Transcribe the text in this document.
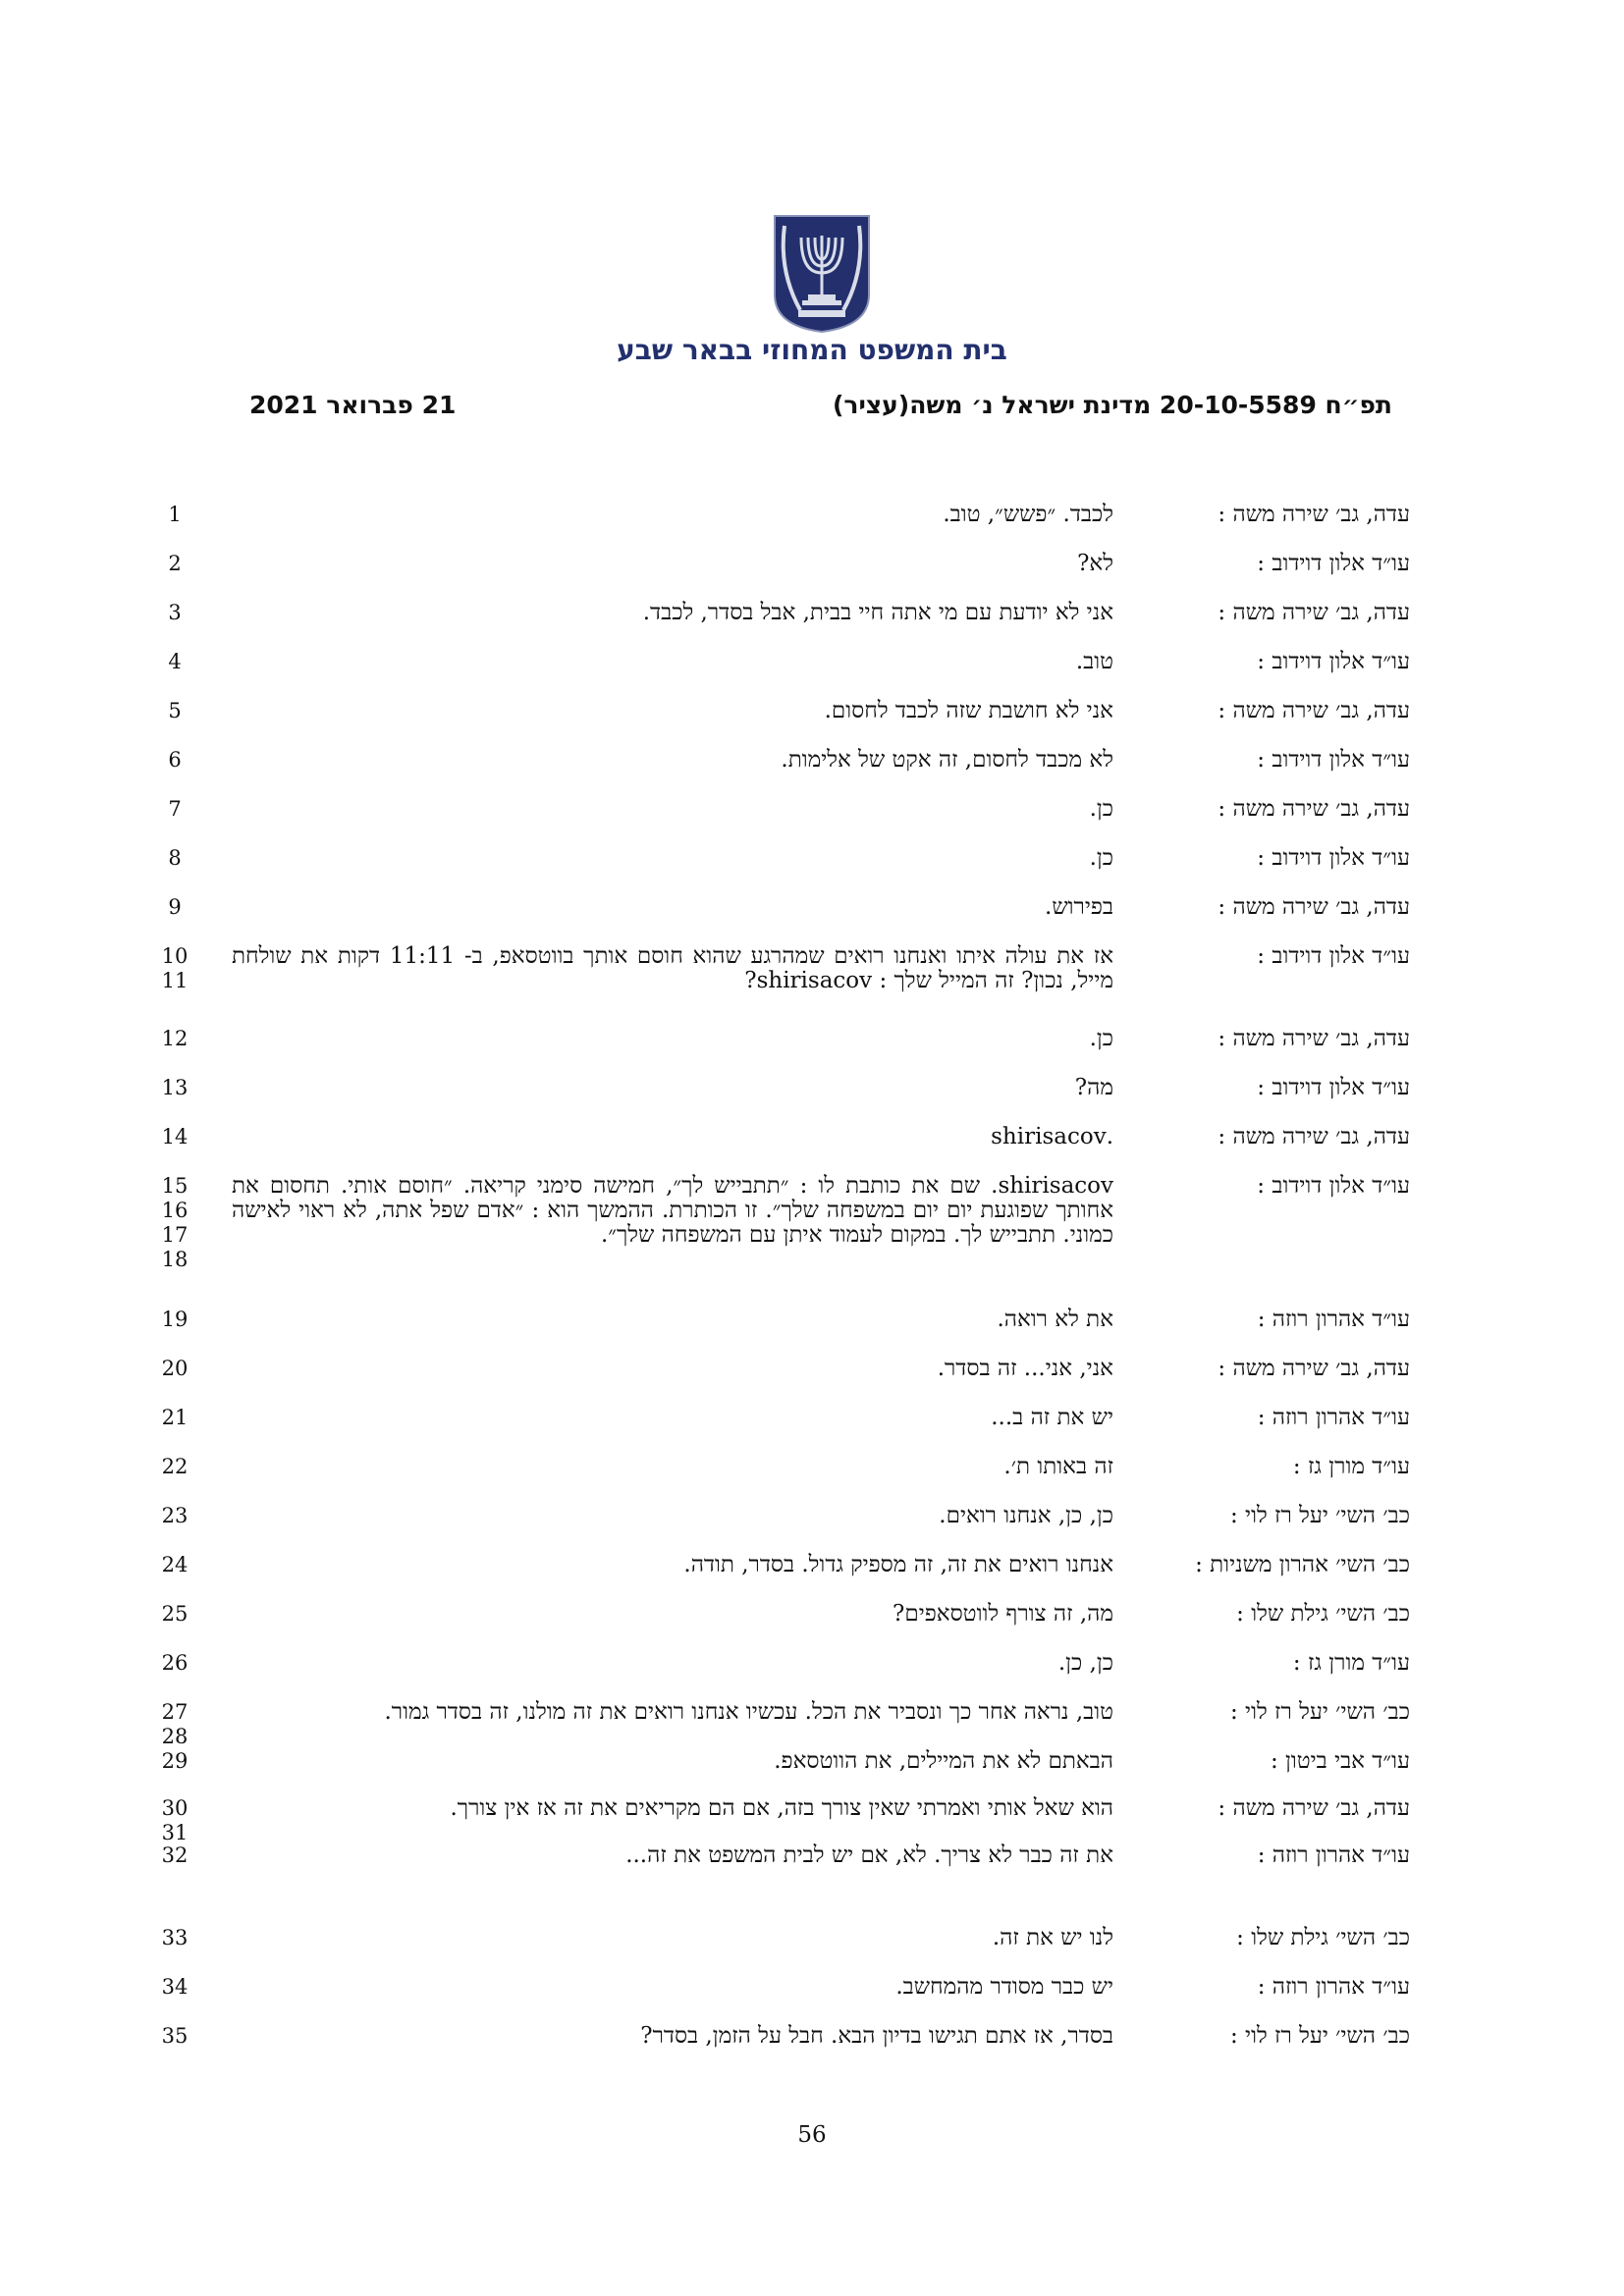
בית המשפט המחוזי בבאר שבע
תפ״ח 20-10-5589 מדינת ישראל נ׳ משה(עציר)
21 פברואר 2021
עדה, גב׳ שירה משה :
לכבד. ״פשש״, טוב.
1
עו״ד אלון דוידוב :
לא?
2
עדה, גב׳ שירה משה :
אני לא יודעת עם מי אתה חיי בבית, אבל בסדר, לכבד.
3
עו״ד אלון דוידוב :
טוב.
4
עדה, גב׳ שירה משה :
אני לא חושבת שזה לכבד לחסום.
5
עו״ד אלון דוידוב :
לא מכבד לחסום, זה אקט של אלימות.
6
עדה, גב׳ שירה משה :
כן.
7
עו״ד אלון דוידוב :
כן.
8
עדה, גב׳ שירה משה :
בפירוש.
9
עו״ד אלון דוידוב :
אז את עולה איתו ואנחנו רואים שמהרגע שהוא חוסם אותך בווטסאפ, ב- 11:11 דקות את שולחת מייל, נכון? זה המייל שלך : shirisacov?
10
11
עדה, גב׳ שירה משה :
כן.
12
עו״ד אלון דוידוב :
מה?
13
עדה, גב׳ שירה משה :
.shirisacov
14
עו״ד אלון דוידוב :
shirisacov. שם את כותבת לו : ״תתבייש לך״, חמישה סימני קריאה. ״חוסם אותי. תחסום את אחותך שפוגעת יום יום במשפחה שלך״. זו הכותרת. ההמשך הוא : ״אדם שפל אתה, לא ראוי לאישה כמוני. תתבייש לך. במקום לעמוד איתן עם המשפחה שלך״.
15
16
17
18
עו״ד אהרון רוזה :
את לא רואה.
19
עדה, גב׳ שירה משה :
אני, אני... זה בסדר.
20
עו״ד אהרון רוזה :
יש את זה ב...
21
עו״ד מורן גז :
זה באותו ת׳.
22
כב׳ השי׳ יעל רז לוי :
כן, כן, אנחנו רואים.
23
כב׳ השי׳ אהרון משניות :
אנחנו רואים את זה, זה מספיק גדול. בסדר, תודה.
24
כב׳ השי׳ גילת שלו :
מה, זה צורף לווטסאפים?
25
עו״ד מורן גז :
כן, כן.
26
כב׳ השי׳ יעל רז לוי :
טוב, נראה אחר כך ונסביר את הכל. עכשיו אנחנו רואים את זה מולנו, זה בסדר גמור.
27
28
עו״ד אבי ביטון :
הבאתם לא את המיילים, את הווטסאפ.
29
עדה, גב׳ שירה משה :
הוא שאל אותי ואמרתי שאין צורך בזה, אם הם מקריאים את זה אז אין צורך.
30
31
עו״ד אהרון רוזה :
את זה כבר לא צריך. לא, אם יש לבית המשפט את זה...
32
כב׳ השי׳ גילת שלו :
לנו יש את זה.
33
עו״ד אהרון רוזה :
יש כבר מסודר מהמחשב.
34
כב׳ השי׳ יעל רז לוי :
בסדר, אז אתם תגישו בדיון הבא. חבל על הזמן, בסדר?
35
56
